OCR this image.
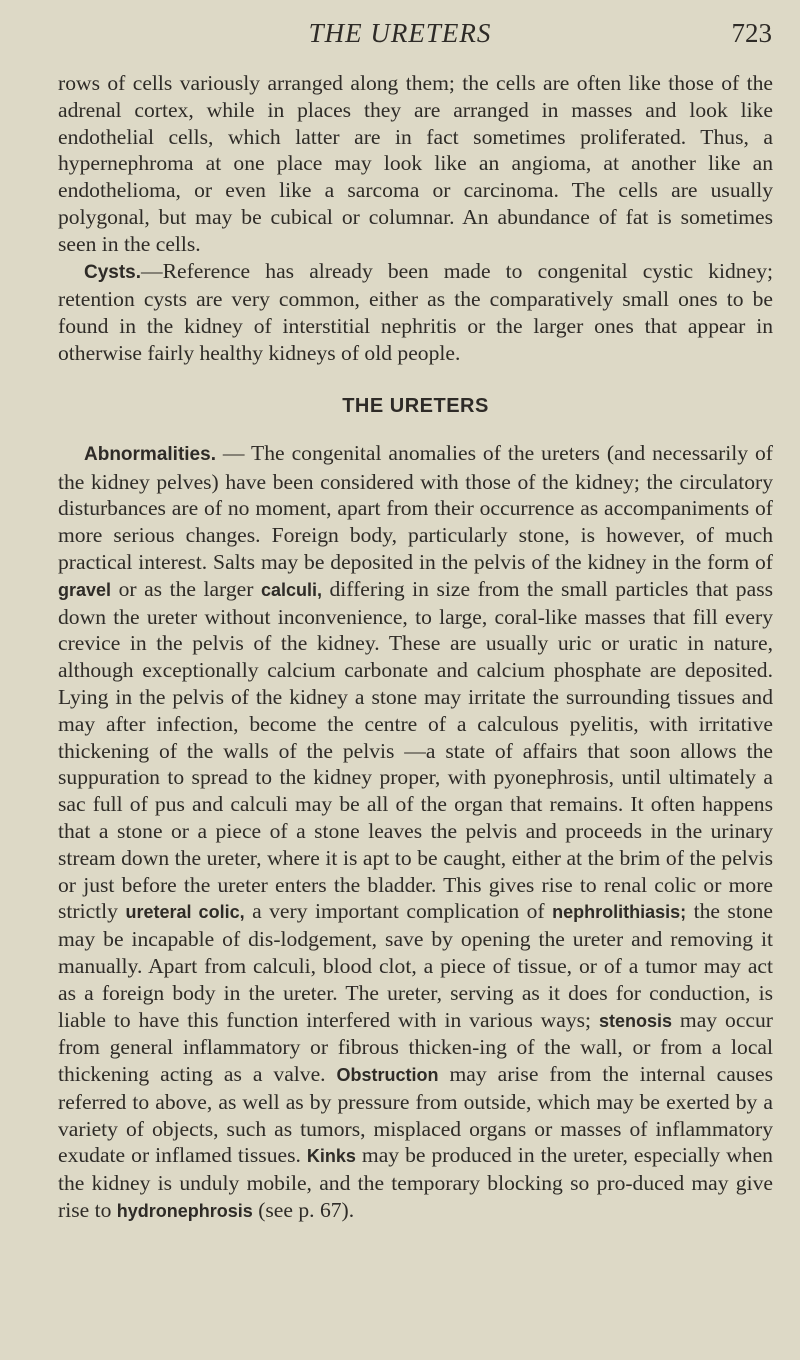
THE URETERS	723

rows of cells variously arranged along them; the cells are often like those of the adrenal cortex, while in places they are arranged in masses and look like endothelial cells, which latter are in fact sometimes proliferated. Thus, a hypernephroma at one place may look like an angioma, at another like an endothelioma, or even like a sarcoma or carcinoma. The cells are usually polygonal, but may be cubical or columnar. An abundance of fat is sometimes seen in the cells.

Cysts.—Reference has already been made to congenital cystic kidney; retention cysts are very common, either as the comparatively small ones to be found in the kidney of interstitial nephritis or the larger ones that appear in otherwise fairly healthy kidneys of old people.

THE URETERS

Abnormalities. — The congenital anomalies of the ureters (and necessarily of the kidney pelves) have been considered with those of the kidney; the circulatory disturbances are of no moment, apart from their occurrence as accompaniments of more serious changes. Foreign body, particularly stone, is however, of much practical interest. Salts may be deposited in the pelvis of the kidney in the form of gravel or as the larger calculi, differing in size from the small particles that pass down the ureter without inconvenience, to large, coral-like masses that fill every crevice in the pelvis of the kidney. These are usually uric or uratic in nature, although exceptionally calcium carbonate and calcium phosphate are deposited. Lying in the pelvis of the kidney a stone may irritate the surrounding tissues and may after infection, become the centre of a calculous pyelitis, with irritative thickening of the walls of the pelvis —a state of affairs that soon allows the suppuration to spread to the kidney proper, with pyonephrosis, until ultimately a sac full of pus and calculi may be all of the organ that remains. It often happens that a stone or a piece of a stone leaves the pelvis and proceeds in the urinary stream down the ureter, where it is apt to be caught, either at the brim of the pelvis or just before the ureter enters the bladder. This gives rise to renal colic or more strictly ureteral colic, a very important complication of nephrolithiasis; the stone may be incapable of dis-lodgement, save by opening the ureter and removing it manually. Apart from calculi, blood clot, a piece of tissue, or of a tumor may act as a foreign body in the ureter. The ureter, serving as it does for conduction, is liable to have this function interfered with in various ways; stenosis may occur from general inflammatory or fibrous thicken-ing of the wall, or from a local thickening acting as a valve. Obstruction may arise from the internal causes referred to above, as well as by pressure from outside, which may be exerted by a variety of objects, such as tumors, misplaced organs or masses of inflammatory exudate or inflamed tissues. Kinks may be produced in the ureter, especially when the kidney is unduly mobile, and the temporary blocking so pro-duced may give rise to hydronephrosis (see p. 67).
